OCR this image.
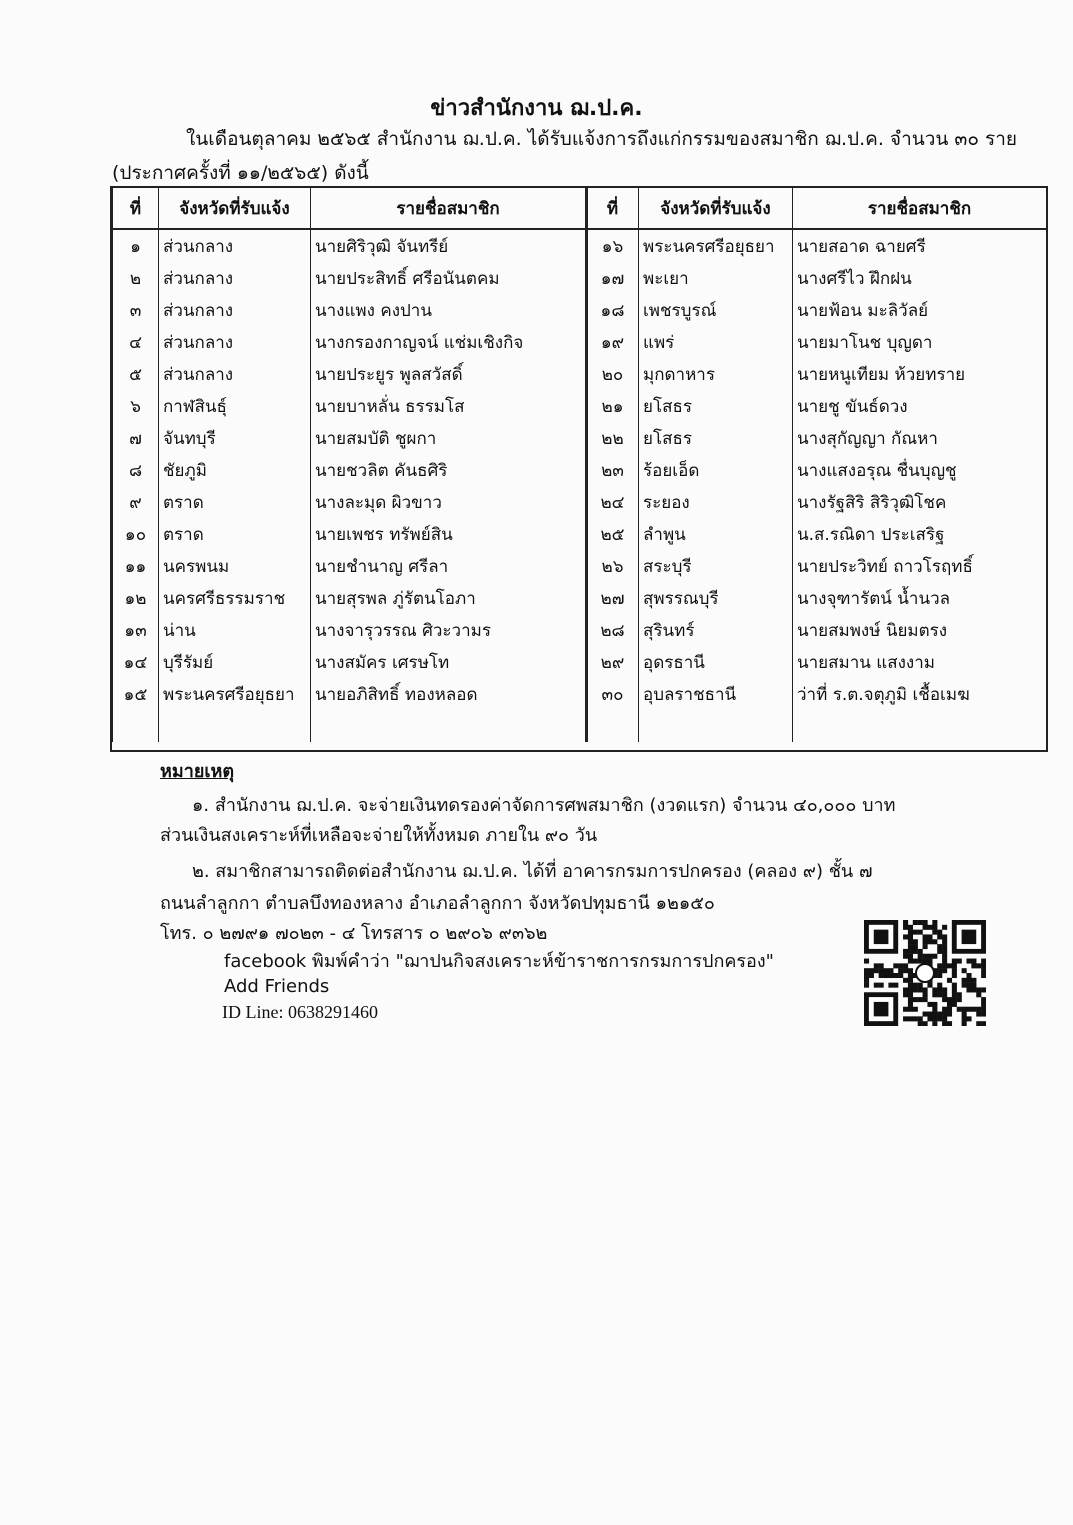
ข่าวสำนักงาน ฌ.ป.ค.
ในเดือนตุลาคม ๒๕๖๕ สำนักงาน ฌ.ป.ค. ได้รับแจ้งการถึงแก่กรรมของสมาชิก ฌ.ป.ค. จำนวน ๓๐ ราย
(ประกาศครั้งที่ ๑๑/๒๕๖๕) ดังนี้
ที่	จังหวัดที่รับแจ้ง	รายชื่อสมาชิก
๑	ส่วนกลาง	นายศิริวุฒิ จันทรีย์
๒	ส่วนกลาง	นายประสิทธิ์ ศรีอนันตคม
๓	ส่วนกลาง	นางแพง คงปาน
๔	ส่วนกลาง	นางกรองกาญจน์ แช่มเชิงกิจ
๕	ส่วนกลาง	นายประยูร พูลสวัสดิ์
๖	กาฬสินธุ์	นายบาหลั่น ธรรมโส
๗	จันทบุรี	นายสมบัติ ชูผกา
๘	ชัยภูมิ	นายชวลิต คันธศิริ
๙	ตราด	นางละมุด ผิวขาว
๑๐	ตราด	นายเพชร ทรัพย์สิน
๑๑	นครพนม	นายชำนาญ ศรีลา
๑๒	นครศรีธรรมราช	นายสุรพล ภู่รัตนโอภา
๑๓	น่าน	นางจารุวรรณ ศิวะวามร
๑๔	บุรีรัมย์	นางสมัคร เศรษโท
๑๕	พระนครศรีอยุธยา	นายอภิสิทธิ์ ทองหลอด

ที่	จังหวัดที่รับแจ้ง	รายชื่อสมาชิก
๑๖	พระนครศรีอยุธยา	นายสอาด ฉายศรี
๑๗	พะเยา	นางศรีไว ฝึกฝน
๑๘	เพชรบูรณ์	นายฟ้อน มะลิวัลย์
๑๙	แพร่	นายมาโนช บุญดา
๒๐	มุกดาหาร	นายหนูเทียม ห้วยทราย
๒๑	ยโสธร	นายชู ขันธ์ดวง
๒๒	ยโสธร	นางสุกัญญา กัณหา
๒๓	ร้อยเอ็ด	นางแสงอรุณ ชื่นบุญชู
๒๔	ระยอง	นางรัฐสิริ สิริวุฒิโชค
๒๕	ลำพูน	น.ส.รณิดา ประเสริฐ
๒๖	สระบุรี	นายประวิทย์ ถาวโรฤทธิ์
๒๗	สุพรรณบุรี	นางจุฑารัตน์ น้ำนวล
๒๘	สุรินทร์	นายสมพงษ์ นิยมตรง
๒๙	อุดรธานี	นายสมาน แสงงาม
๓๐	อุบลราชธานี	ว่าที่ ร.ต.จตุภูมิ เชื้อเมฆ

หมายเหตุ
๑. สำนักงาน ฌ.ป.ค. จะจ่ายเงินทดรองค่าจัดการศพสมาชิก (งวดแรก) จำนวน ๔๐,๐๐๐ บาท
ส่วนเงินสงเคราะห์ที่เหลือจะจ่ายให้ทั้งหมด ภายใน ๙๐ วัน
๒. สมาชิกสามารถติดต่อสำนักงาน ฌ.ป.ค. ได้ที่ อาคารกรมการปกครอง (คลอง ๙) ชั้น ๗
ถนนลำลูกกา ตำบลบึงทองหลาง อำเภอลำลูกกา จังหวัดปทุมธานี ๑๒๑๕๐
โทร. ๐ ๒๗๙๑ ๗๐๒๓ - ๔ โทรสาร ๐ ๒๙๐๖ ๙๓๖๒
facebook พิมพ์คำว่า "ฌาปนกิจสงเคราะห์ข้าราชการกรมการปกครอง"
Add Friends
ID Line: 0638291460
